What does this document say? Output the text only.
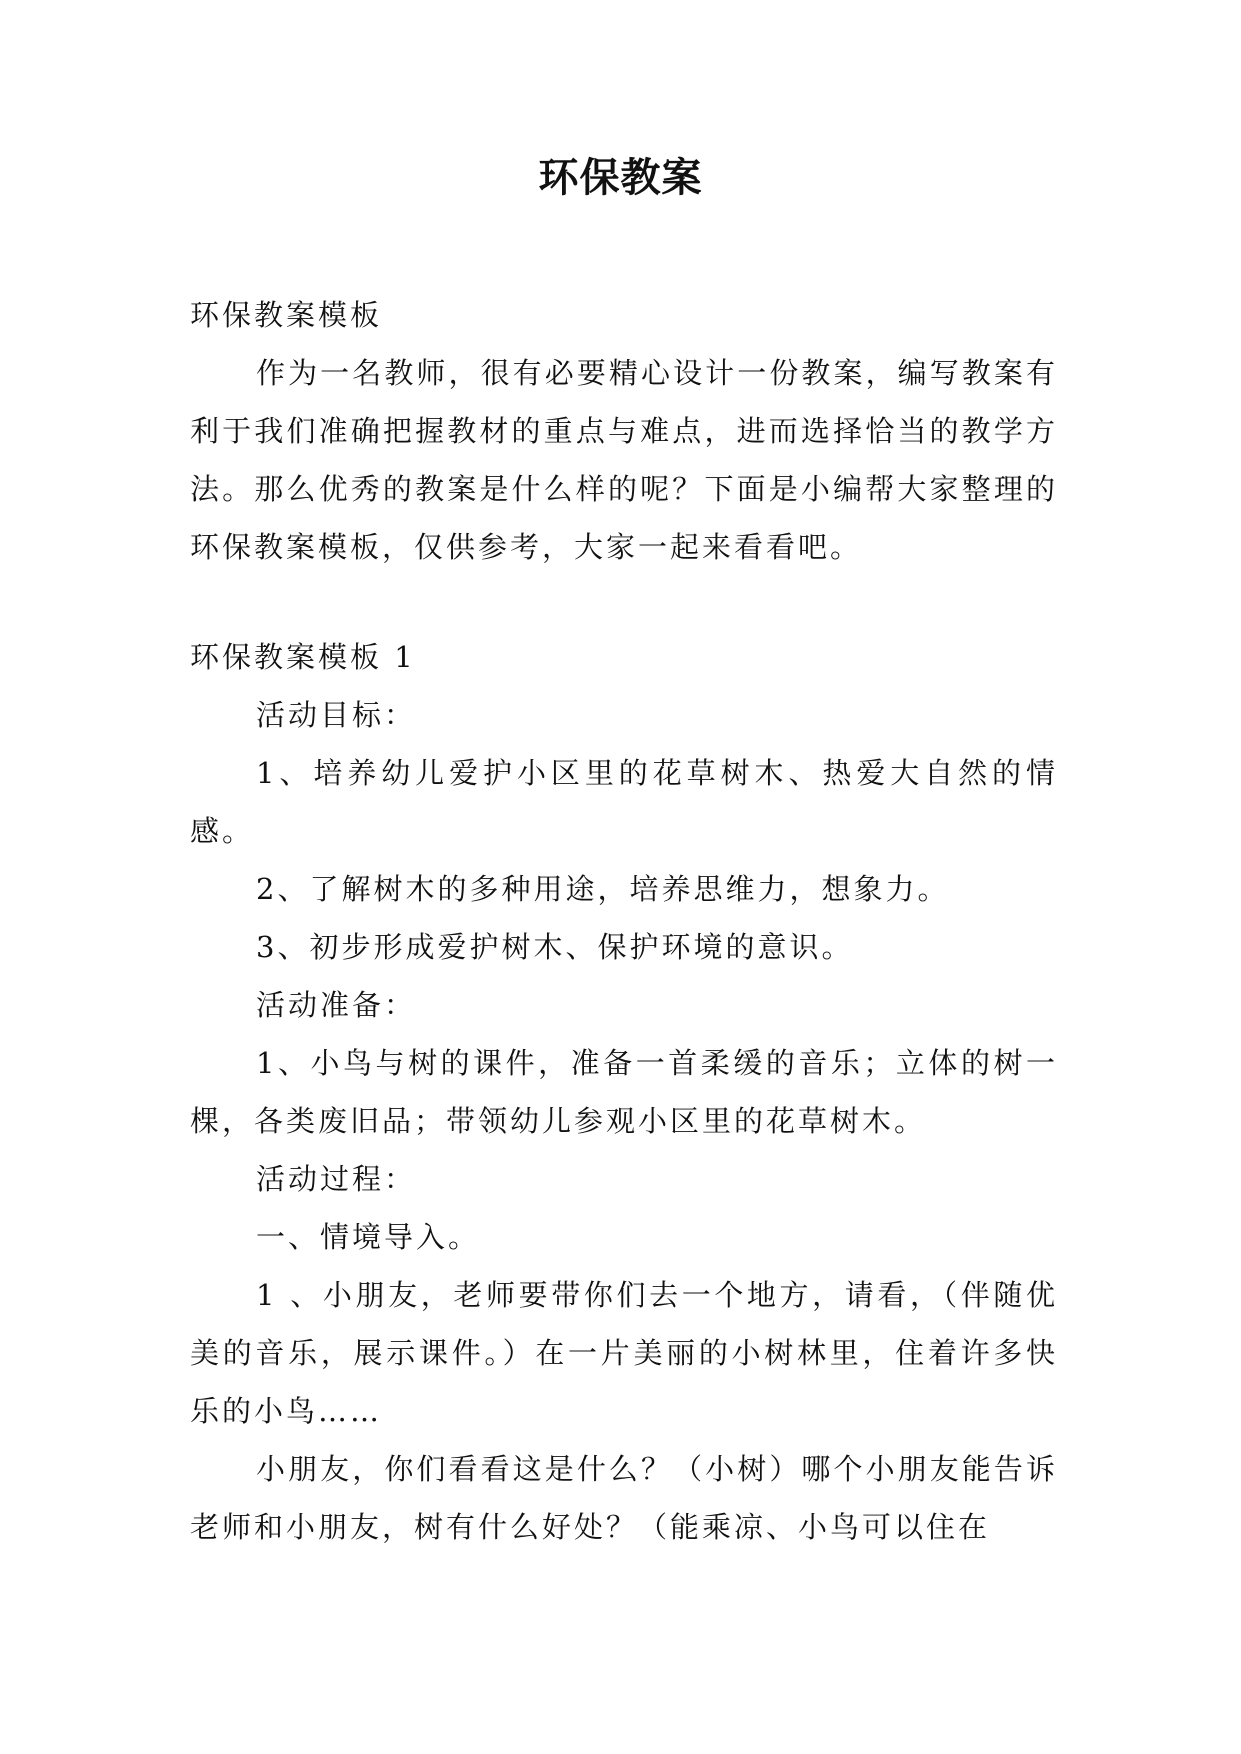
环保教案

环保教案模板

作为一名教师，很有必要精心设计一份教案，编写教案有利于我们准确把握教材的重点与难点，进而选择恰当的教学方法。那么优秀的教案是什么样的呢？下面是小编帮大家整理的环保教案模板，仅供参考，大家一起来看看吧。

环保教案模板 1

活动目标：

1、培养幼儿爱护小区里的花草树木、热爱大自然的情感。

2、了解树木的多种用途，培养思维力，想象力。

3、初步形成爱护树木、保护环境的意识。

活动准备：

1、小鸟与树的课件，准备一首柔缓的音乐；立体的树一棵，各类废旧品；带领幼儿参观小区里的花草树木。

活动过程：

一、情境导入。

1 、小朋友，老师要带你们去一个地方，请看，（伴随优美的音乐，展示课件。）在一片美丽的小树林里，住着许多快乐的小鸟……

小朋友，你们看看这是什么？（小树）哪个小朋友能告诉老师和小朋友，树有什么好处？（能乘凉、小鸟可以住在
